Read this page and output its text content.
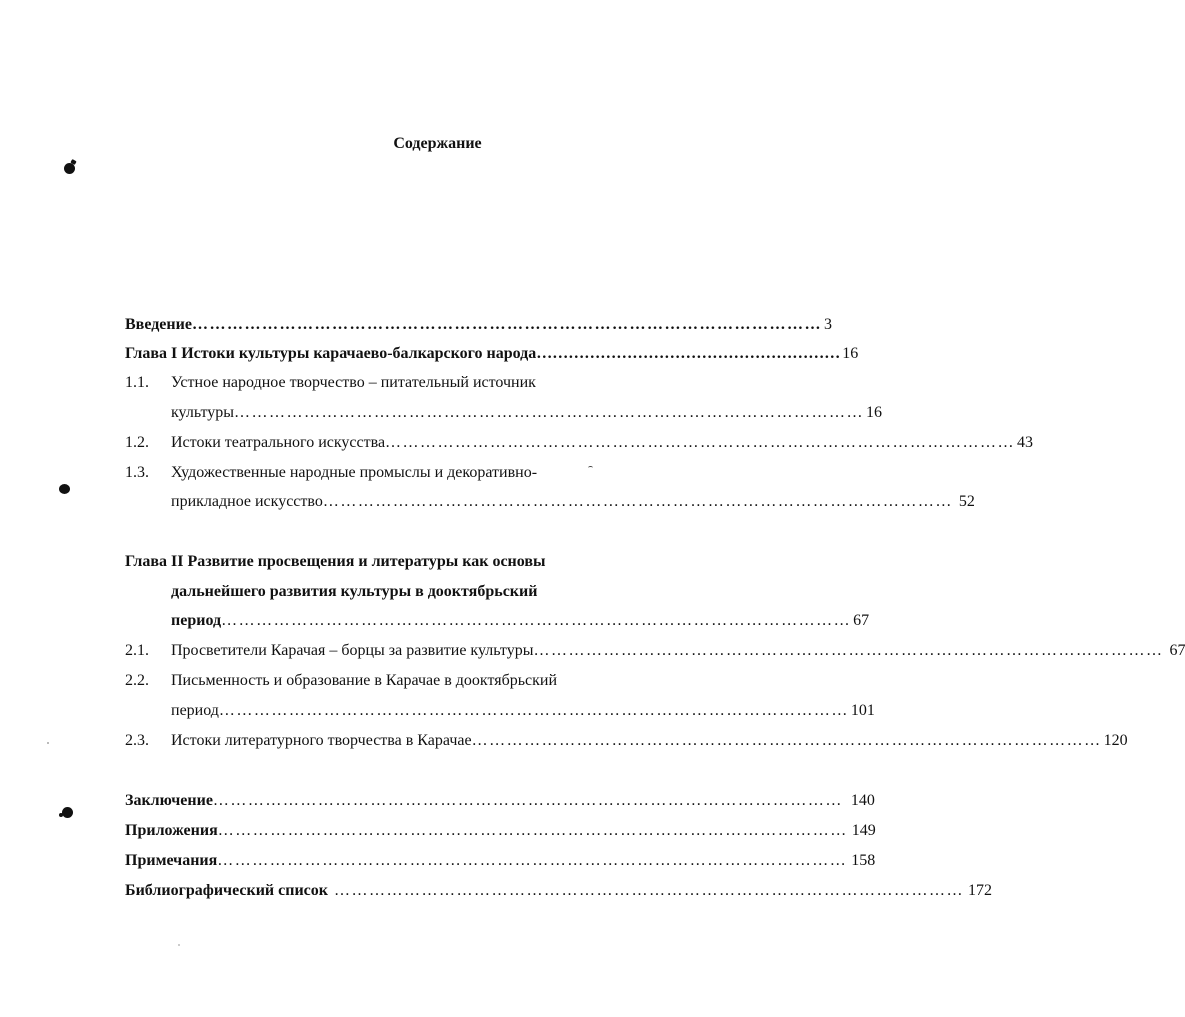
Содержание
Введение ……………………………………………………………………………………………… 3
Глава I Истоки культуры карачаево-балкарского народа ………………………………………………… 16
1.1. Устное народное творчество – питательный источник
культуры ……………………………………………………………………………………………… 16
1.2. Истоки театрального искусства ……………………………………………………………………………………………… 43
1.3. Художественные народные промыслы и декоративно-
прикладное искусство ……………………………………………………………………………………………… 52
Глава II Развитие просвещения и литературы как основы
дальнейшего развития культуры в дооктябрьский
период ……………………………………………………………………………………………… 67
2.1. Просветители Карачая – борцы за развитие культуры ……………………………………………………………………………………………… 67
2.2. Письменность и образование в Карачае в дооктябрьский
период ……………………………………………………………………………………………… 101
2.3. Истоки литературного творчества в Карачае ……………………………………………………………………………………………… 120
Заключение ……………………………………………………………………………………………… 140
Приложения ……………………………………………………………………………………………… 149
Примечания ……………………………………………………………………………………………… 158
Библиографический список ……………………………………………………………………………………………… 172
